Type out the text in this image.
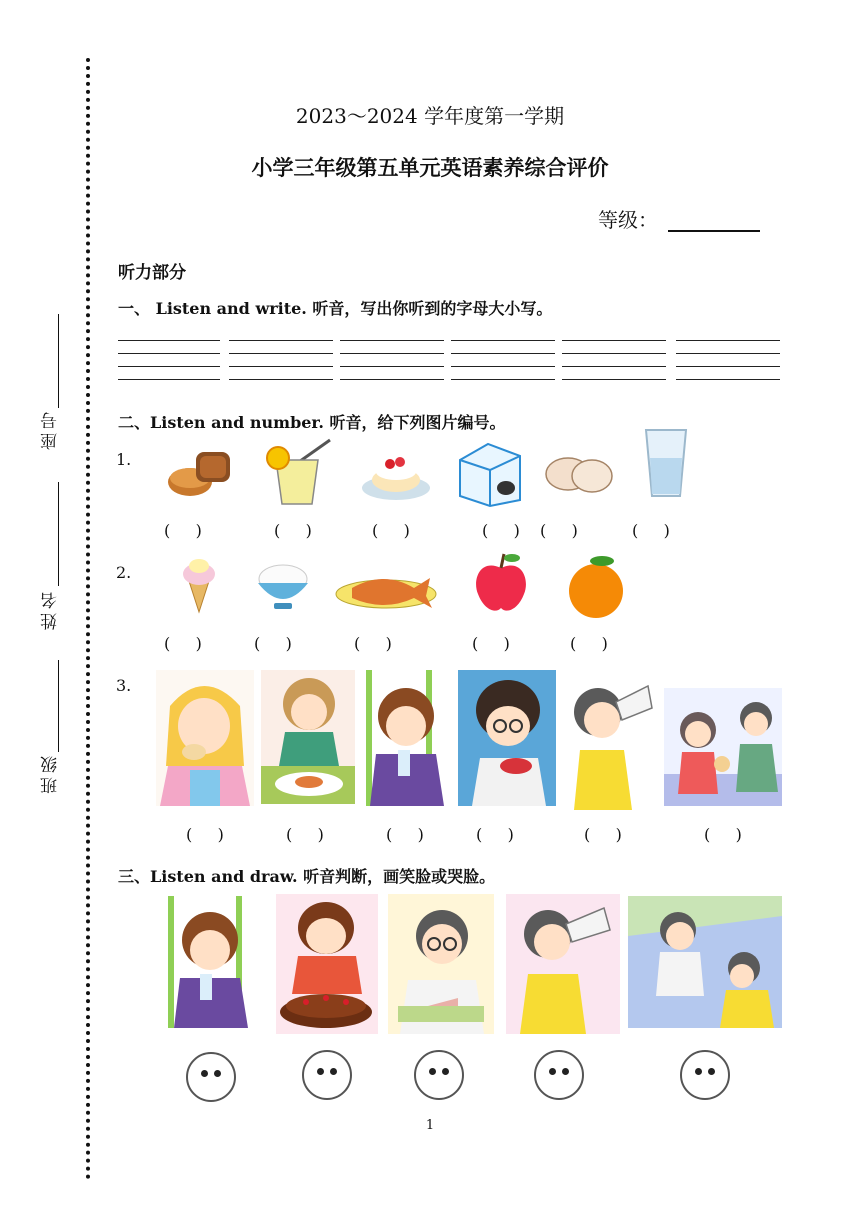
座号
姓名
班级
2023～2024 学年度第一学期
小学三年级第五单元英语素养综合评价
等级：
听力部分
一、 Listen and write. 听音，写出你听到的字母大小写。
二、Listen and number. 听音，给下列图片编号。
1.
(     )	(     )	(     )	(     ) (     )	(     )
2.
(     )	(     )	(     )	(     )	(     )
3.
(     )	(     )	(     )	(     )	(     )	(     )
三、Listen and draw. 听音判断，画笑脸或哭脸。
1
